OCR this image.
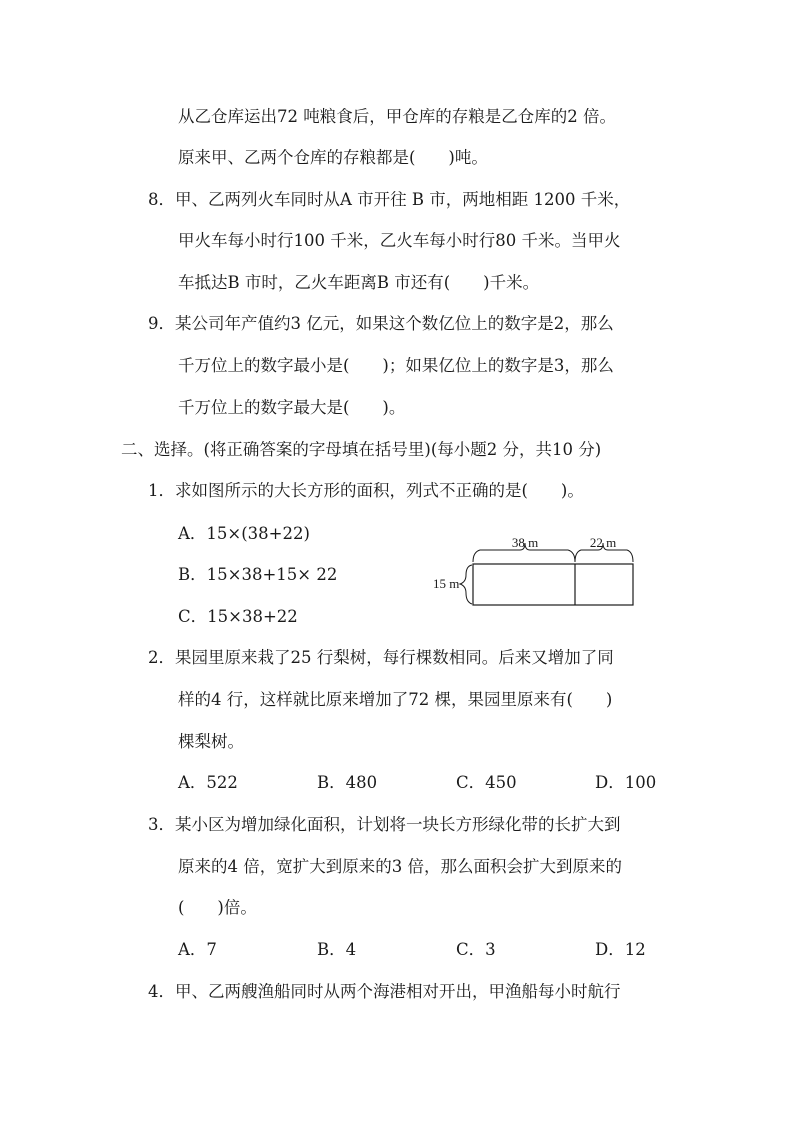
从乙仓库运出72 吨粮食后，甲仓库的存粮是乙仓库的2 倍。
原来甲、乙两个仓库的存粮都是(　　)吨。
8．甲、乙两列火车同时从A 市开往 B 市，两地相距 1200 千米，
甲火车每小时行100 千米，乙火车每小时行80 千米。当甲火
车抵达B 市时，乙火车距离B 市还有(　　)千米。
9．某公司年产值约3 亿元，如果这个数亿位上的数字是2，那么
千万位上的数字最小是(　　)；如果亿位上的数字是3，那么
千万位上的数字最大是(　　)。
二、选择。(将正确答案的字母填在括号里)(每小题2 分，共10 分)
1．求如图所示的大长方形的面积，列式不正确的是(　　)。
A．15×(38+22)
B．15×38+15× 22
C．15×38+22
38 m	22 m
15 m
2．果园里原来栽了25 行梨树，每行棵数相同。后来又增加了同
样的4 行，这样就比原来增加了72 棵，果园里原来有(　　)
棵梨树。
A．522	B．480	C．450	D．100
3．某小区为增加绿化面积，计划将一块长方形绿化带的长扩大到
原来的4 倍，宽扩大到原来的3 倍，那么面积会扩大到原来的
(　　)倍。
A．7	B．4	C．3	D．12
4．甲、乙两艘渔船同时从两个海港相对开出，甲渔船每小时航行
